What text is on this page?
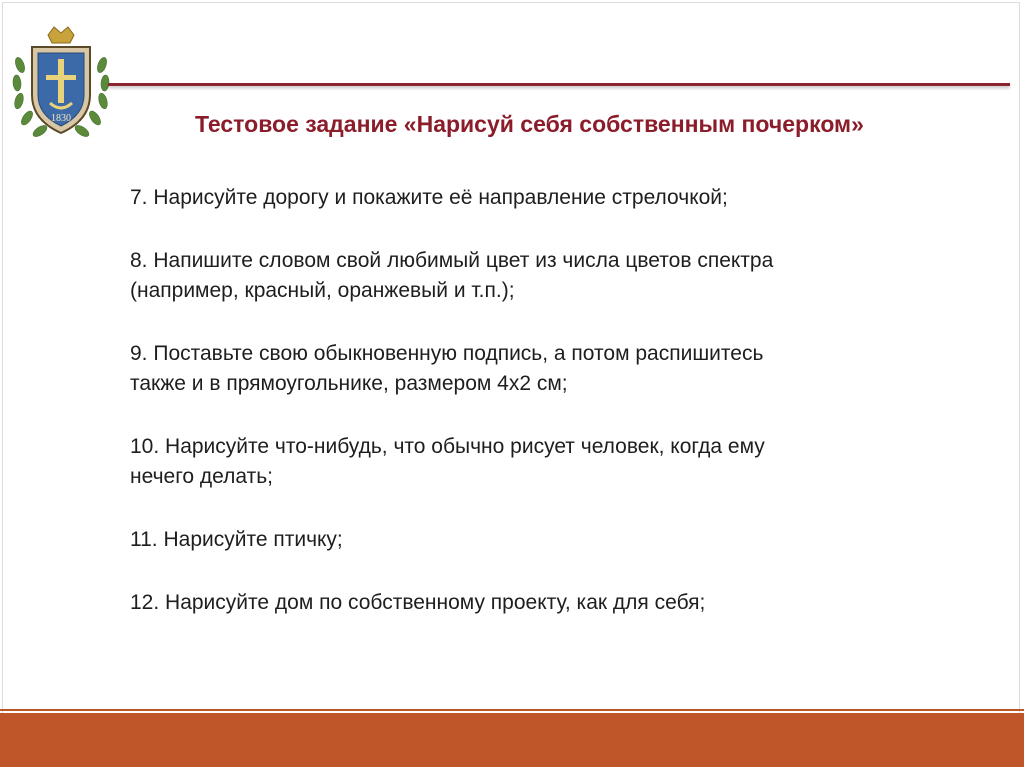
1830	Тестовое задание «Нарисуй себя собственным почерком»
7. Нарисуйте дорогу и покажите её направление стрелочкой;
8. Напишите словом свой любимый цвет из числа цветов спектра
(например, красный, оранжевый и т.п.);
9. Поставьте свою обыкновенную подпись, а потом распишитесь
также и в прямоугольнике, размером 4х2 см;
10. Нарисуйте что-нибудь, что обычно рисует человек, когда ему
нечего делать;
11. Нарисуйте птичку;
12. Нарисуйте дом по собственному проекту, как для себя;
